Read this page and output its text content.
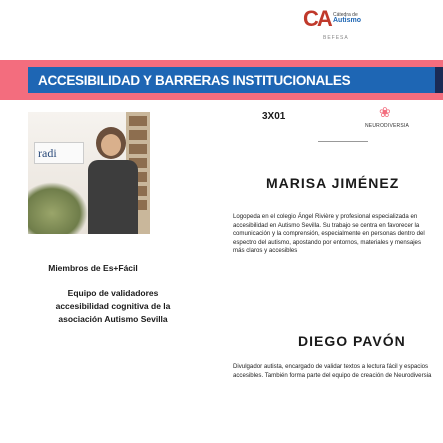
CA Cátedra de
Autismo
BEFESA
ACCESIBILIDAD Y BARRERAS INSTITUCIONALES
3X01	❀
NEURODIVERSIA
radi
Miembros de Es+Fácil
Equipo de validadores accesibilidad cognitiva de la asociación Autismo Sevilla
MARISA JIMÉNEZ
Logopeda en el colegio Ángel Rivière y profesional especializada en accesibilidad en Autismo Sevilla. Su trabajo se centra en favorecer la comunicación y la comprensión, especialmente en personas dentro del espectro del autismo, apostando por entornos, materiales y mensajes más claros y accesibles
DIEGO PAVÓN
Divulgador autista, encargado de validar textos a lectura fácil y espacios accesibles. También forma parte del equipo de creación de Neurodiversia
